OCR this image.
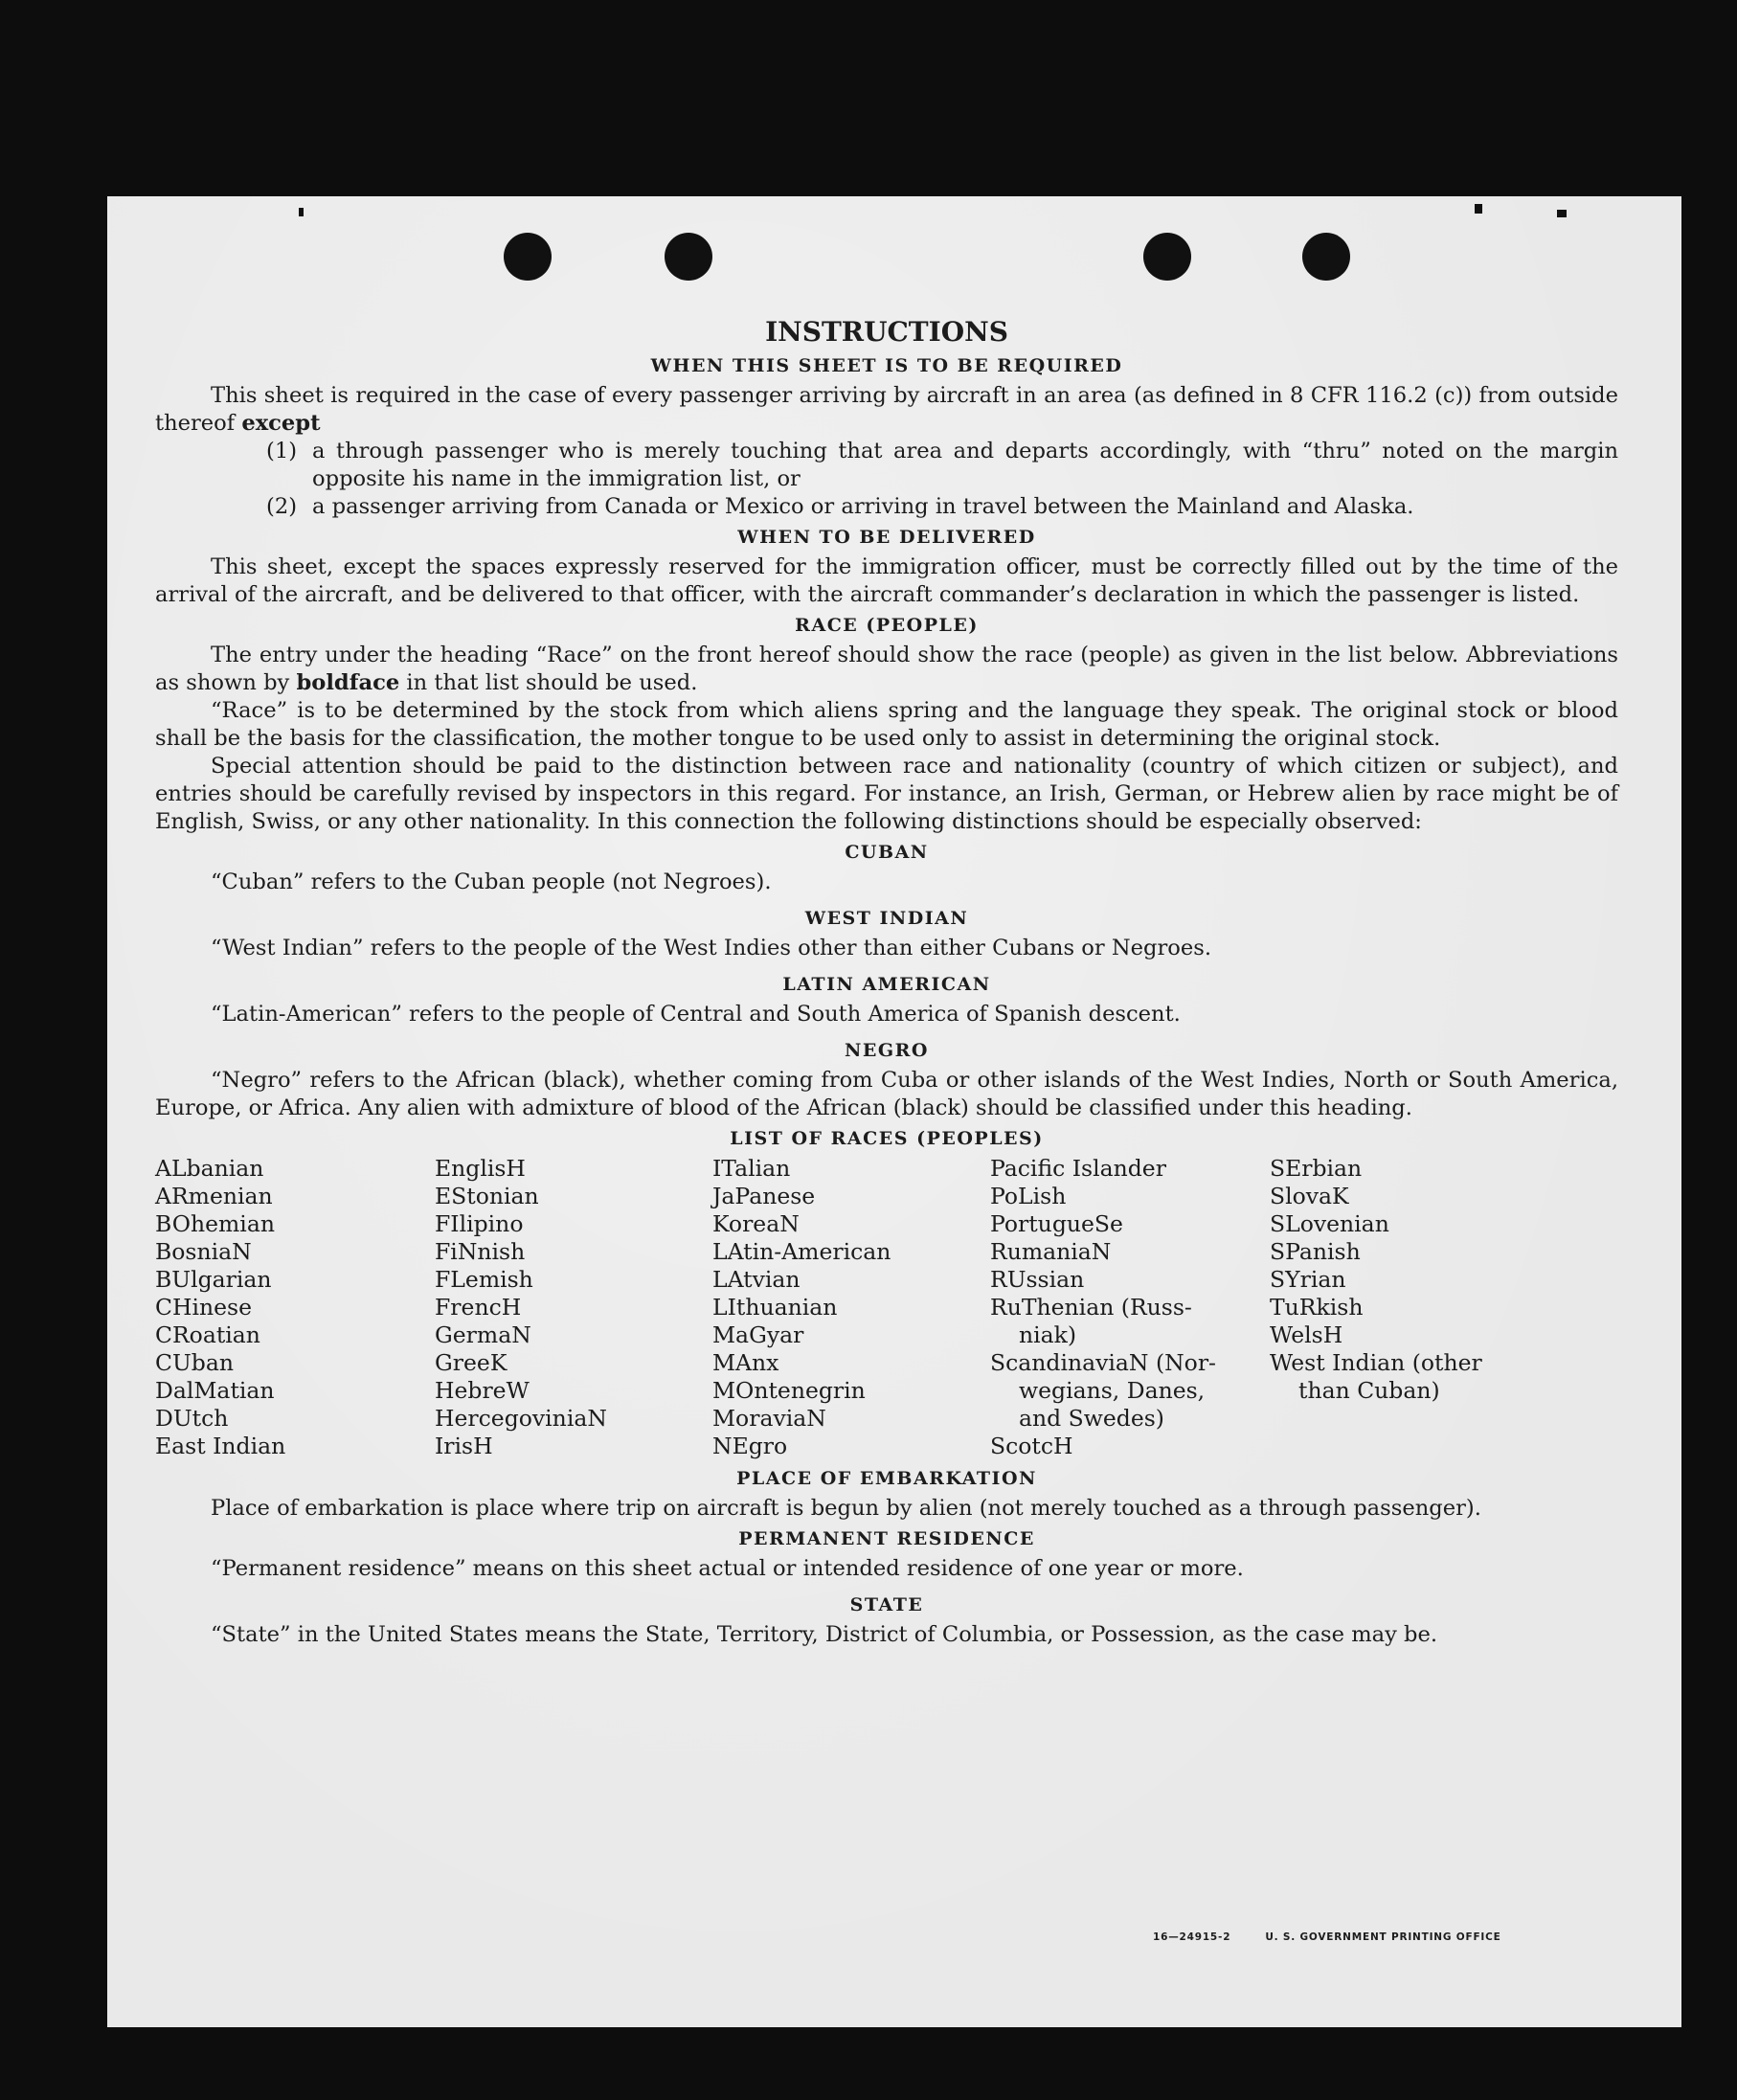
INSTRUCTIONS
WHEN THIS SHEET IS TO BE REQUIRED

This sheet is required in the case of every passenger arriving by aircraft in an area (as defined in 8 CFR 116.2 (c)) from outside thereof except

(1) a through passenger who is merely touching that area and departs accordingly, with “thru” noted on the margin opposite his name in the immigration list, or
(2) a passenger arriving from Canada or Mexico or arriving in travel between the Mainland and Alaska.
WHEN TO BE DELIVERED

This sheet, except the spaces expressly reserved for the immigration officer, must be correctly filled out by the time of the arrival of the aircraft, and be delivered to that officer, with the aircraft commander’s declaration in which the passenger is listed.

RACE (PEOPLE)

The entry under the heading “Race” on the front hereof should show the race (people) as given in the list below. Abbreviations as shown by boldface in that list should be used.

“Race” is to be determined by the stock from which aliens spring and the language they speak. The original stock or blood shall be the basis for the classification, the mother tongue to be used only to assist in determining the original stock.

Special attention should be paid to the distinction between race and nationality (country of which citizen or subject), and entries should be carefully revised by inspectors in this regard. For instance, an Irish, German, or Hebrew alien by race might be of English, Swiss, or any other nationality. In this connection the following distinctions should be especially observed:

CUBAN

“Cuban” refers to the Cuban people (not Negroes).

WEST INDIAN

“West Indian” refers to the people of the West Indies other than either Cubans or Negroes.

LATIN AMERICAN

“Latin-American” refers to the people of Central and South America of Spanish descent.

NEGRO

“Negro” refers to the African (black), whether coming from Cuba or other islands of the West Indies, North or South America, Europe, or Africa. Any alien with admixture of blood of the African (black) should be classified under this heading.

LIST OF RACES (PEOPLES)
ALbanian
ARmenian
BOhemian
BosniaN
BUlgarian
CHinese
CRoatian
CUban
DalMatian
DUtch
East Indian
EnglisH
EStonian
FIlipino
FiNnish
FLemish
FrencH
GermaN
GreeK
HebreW
HercegoviniaN
IrisH
ITalian
JaPanese
KoreaN
LAtin-American
LAtvian
LIthuanian
MaGyar
MAnx
MOntenegrin
MoraviaN
NEgro
Pacific Islander
PoLish
PortugueSe
RumaniaN
RUssian
RuThenian (Russ-
niak)
ScandinaviaN (Nor-
wegians, Danes,
and Swedes)
ScotcH
SErbian
SlovaK
SLovenian
SPanish
SYrian
TuRkish
WelsH
West Indian (other
than Cuban)
PLACE OF EMBARKATION

Place of embarkation is place where trip on aircraft is begun by alien (not merely touched as a through passenger).

PERMANENT RESIDENCE

“Permanent residence” means on this sheet actual or intended residence of one year or more.

STATE

“State” in the United States means the State, Territory, District of Columbia, or Possession, as the case may be.

16—24915-2	U. S. GOVERNMENT PRINTING OFFICE
